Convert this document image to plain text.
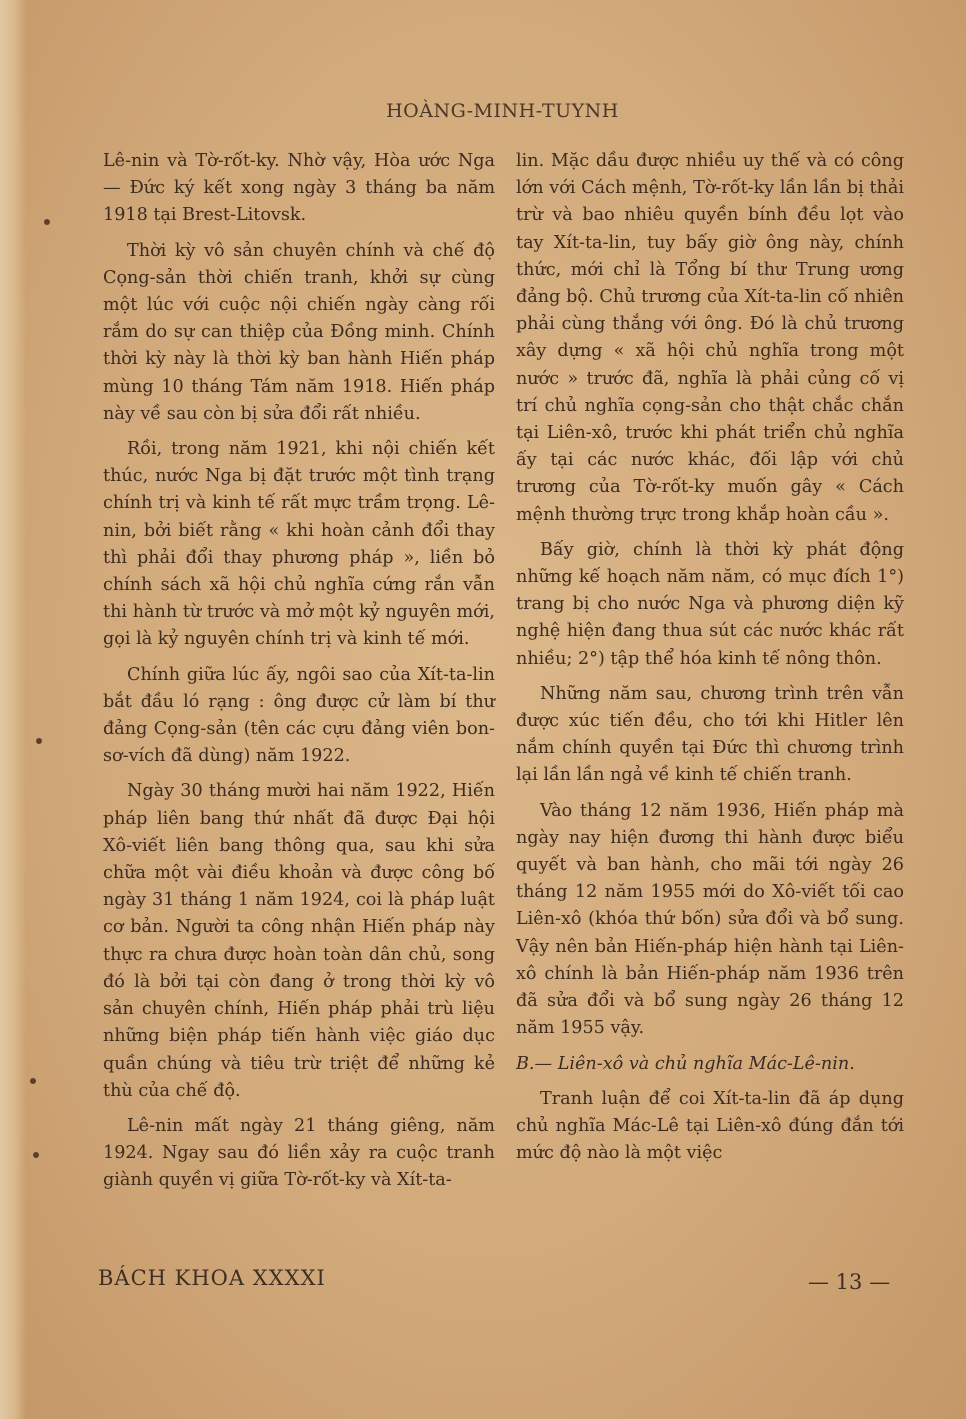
HOÀNG-MINH-TUYNH

Lê-nin và Tờ-rốt-ky. Nhờ vậy, Hòa ước Nga — Đức ký kết xong ngày 3 tháng ba năm 1918 tại Brest-Litovsk.

Thời kỳ vô sản chuyên chính và chế độ Cọng-sản thời chiến tranh, khởi sự cùng một lúc với cuộc nội chiến ngày càng rối rắm do sự can thiệp của Đồng minh. Chính thời kỳ này là thời kỳ ban hành Hiến pháp mùng 10 tháng Tám năm 1918. Hiến pháp này về sau còn bị sửa đổi rất nhiều.

Rồi, trong năm 1921, khi nội chiến kết thúc, nước Nga bị đặt trước một tình trạng chính trị và kinh tế rất mực trầm trọng. Lê-nin, bởi biết rằng « khi hoàn cảnh đổi thay thì phải đổi thay phương pháp », liền bỏ chính sách xã hội chủ nghĩa cứng rắn vẫn thi hành từ trước và mở một kỷ nguyên mới, gọi là kỷ nguyên chính trị và kinh tế mới.

Chính giữa lúc ấy, ngôi sao của Xít-ta-lin bắt đầu ló rạng : ông được cử làm bí thư đảng Cọng-sản (tên các cựu đảng viên bon-sơ-vích đã dùng) năm 1922.

Ngày 30 tháng mười hai năm 1922, Hiến pháp liên bang thứ nhất đã được Đại hội Xô-viết liên bang thông qua, sau khi sửa chữa một vài điều khoản và được công bố ngày 31 tháng 1 năm 1924, coi là pháp luật cơ bản. Người ta công nhận Hiến pháp này thực ra chưa được hoàn toàn dân chủ, song đó là bởi tại còn đang ở trong thời kỳ vô sản chuyên chính, Hiến pháp phải trù liệu những biện pháp tiến hành việc giáo dục quần chúng và tiêu trừ triệt để những kẻ thù của chế độ.

Lê-nin mất ngày 21 tháng giêng, năm 1924. Ngay sau đó liền xảy ra cuộc tranh giành quyền vị giữa Tờ-rốt-ky và Xít-ta-

lin. Mặc dầu được nhiều uy thế và có công lớn với Cách mệnh, Tờ-rốt-ky lần lần bị thải trừ và bao nhiêu quyền bính đều lọt vào tay Xít-ta-lin, tuy bấy giờ ông này, chính thức, mới chỉ là Tổng bí thư Trung ương đảng bộ. Chủ trương của Xít-ta-lin cố nhiên phải cùng thắng với ông. Đó là chủ trương xây dựng « xã hội chủ nghĩa trong một nước » trước đã, nghĩa là phải củng cố vị trí chủ nghĩa cọng-sản cho thật chắc chắn tại Liên-xô, trước khi phát triển chủ nghĩa ấy tại các nước khác, đối lập với chủ trương của Tờ-rốt-ky muốn gây « Cách mệnh thường trực trong khắp hoàn cầu ».

Bấy giờ, chính là thời kỳ phát động những kế hoạch năm năm, có mục đích 1°) trang bị cho nước Nga và phương diện kỹ nghệ hiện đang thua sút các nước khác rất nhiều; 2°) tập thể hóa kinh tế nông thôn.

Những năm sau, chương trình trên vẫn được xúc tiến đều, cho tới khi Hitler lên nắm chính quyền tại Đức thì chương trình lại lần lần ngả về kinh tế chiến tranh.

Vào tháng 12 năm 1936, Hiến pháp mà ngày nay hiện đương thi hành được biểu quyết và ban hành, cho mãi tới ngày 26 tháng 12 năm 1955 mới do Xô-viết tối cao Liên-xô (khóa thứ bốn) sửa đổi và bổ sung. Vậy nên bản Hiến-pháp hiện hành tại Liên-xô chính là bản Hiến-pháp năm 1936 trên đã sửa đổi và bổ sung ngày 26 tháng 12 năm 1955 vậy.

B.— Liên-xô và chủ nghĩa Mác-Lê-nin.

Tranh luận để coi Xít-ta-lin đã áp dụng chủ nghĩa Mác-Lê tại Liên-xô đúng đắn tới mức độ nào là một việc

BÁCH KHOA XXXXI	— 13 —
